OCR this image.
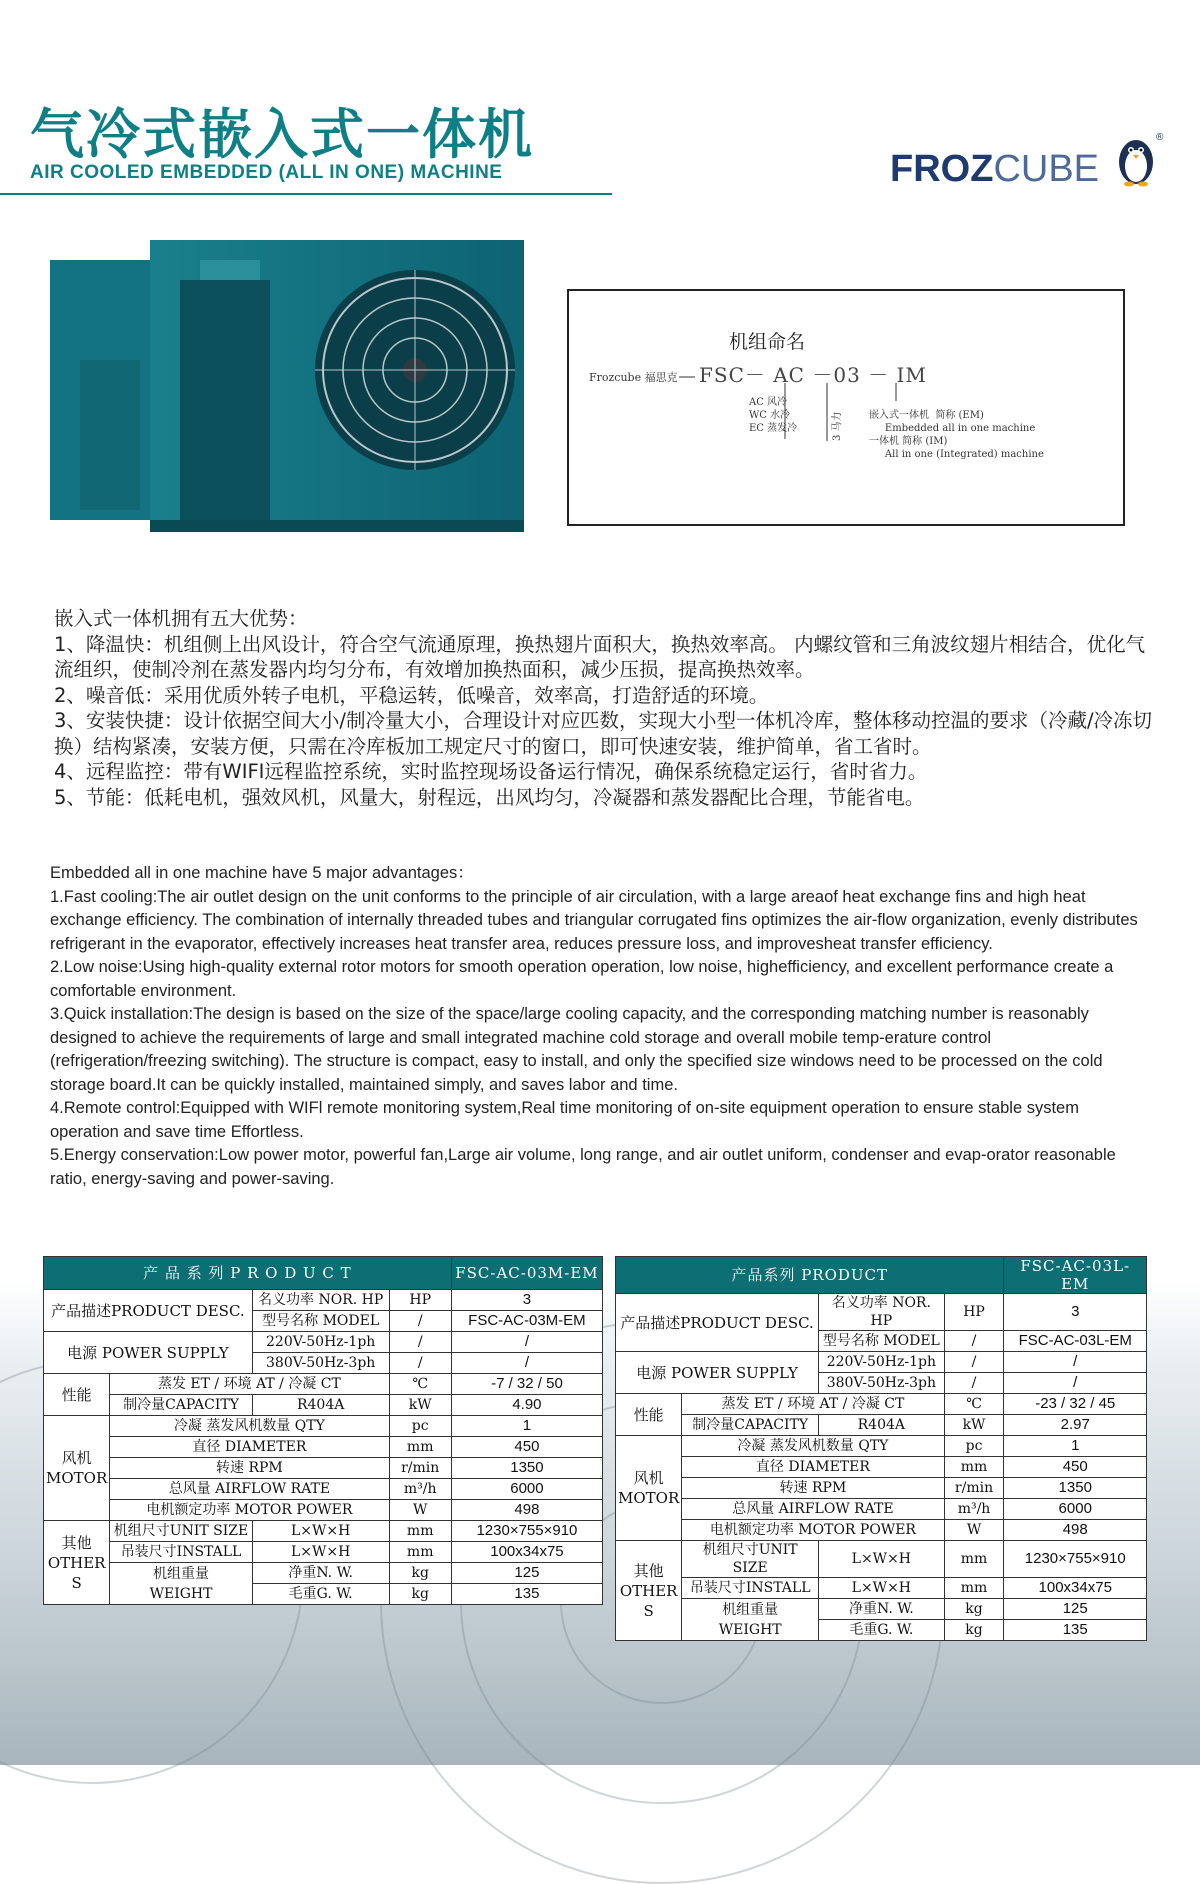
气冷式嵌入式一体机
AIR COOLED EMBEDDED (ALL IN ONE) MACHINE	FROZCUBE
®
机组命名
Frozcube 福思克 FSC－ AC －03 － IM
AC 风冷
WC 水冷
EC 蒸发冷	3 马力	嵌入式一体机  简称 (EM)
Embedded all in one machine
一体机 简称 (IM)
All in one (Integrated) machine

嵌入式一体机拥有五大优势：

1、降温快：机组侧上出风设计，符合空气流通原理，换热翅片面积大，换热效率高。 内螺纹管和三角波纹翅片相结合，优化气流组织，使制冷剂在蒸发器内均匀分布，有效增加换热面积，减少压损，提高换热效率。

2、噪音低：采用优质外转子电机，平稳运转，低噪音，效率高，打造舒适的环境。

3、安装快捷：设计依据空间大小/制冷量大小，合理设计对应匹数，实现大小型一体机冷库，整体移动控温的要求（冷藏/冷冻切换）结构紧凑，安装方便，只需在冷库板加工规定尺寸的窗口，即可快速安装，维护简单，省工省时。

4、远程监控：带有WIFI远程监控系统，实时监控现场设备运行情况，确保系统稳定运行，省时省力。

5、节能：低耗电机，强效风机，风量大，射程远，出风均匀，冷凝器和蒸发器配比合理，节能省电。

Embedded all in one machine have 5 major advantages：

1.Fast cooling:The air outlet design on the unit conforms to the principle of air circulation, with a large areaof heat exchange fins and high heat exchange efficiency. The combination of internally threaded tubes and triangular corrugated fins optimizes the air-flow organization, evenly distributes refrigerant in the evaporator, effectively increases heat transfer area, reduces pressure loss, and improvesheat transfer efficiency.

2.Low noise:Using high-quality external rotor motors for smooth operation operation, low noise, highefficiency, and excellent performance create a comfortable environment.

3.Quick installation:The design is based on the size of the space/large cooling capacity, and the corresponding matching number is reasonably designed to achieve the requirements of large and small integrated machine cold storage and overall mobile temp-erature control (refrigeration/freezing switching). The structure is compact, easy to install, and only the specified size windows need to be processed on the cold storage board.It can be quickly installed, maintained simply, and saves labor and time.

4.Remote control:Equipped with WIFl remote monitoring system,Real time monitoring of on-site equipment operation to ensure stable system operation and save time Effortless.

5.Energy conservation:Low power motor, powerful fan,Large air volume, long range, and air outlet uniform, condenser and evap-orator reasonable ratio, energy-saving and power-saving.

产 品 系 列 P R O D U C T				FSC-AC-03M-EM
产品描述PRODUCT DESC.		名义功率 NOR. HP	HP	3
		型号名称 MODEL	/	FSC-AC-03M-EM
电源 POWER SUPPLY		220V-50Hz-1ph	/	/
		380V-50Hz-3ph	/	/
性能	蒸发 ET / 环境 AT / 冷凝 CT		℃	-7 / 32 / 50
	制冷量CAPACITY	R404A	kW	4.90
风机
MOTOR	冷凝 蒸发风机数量 QTY		pc	1
	直径 DIAMETER		mm	450
	转速 RPM		r/min	1350
	总风量 AIRFLOW RATE		m³/h	6000
	电机额定功率 MOTOR POWER		W	498
其他
OTHER
S	机组尺寸UNIT SIZE	L×W×H	mm	1230×755×910
	吊装尺寸INSTALL	L×W×H	mm	100x34x75
	机组重量
WEIGHT	净重N. W.	kg	125
		毛重G. W.	kg	135
产品系列 PRODUCT				FSC-AC-03L-EM
产品描述PRODUCT DESC.		名义功率 NOR. HP	HP	3
		型号名称 MODEL	/	FSC-AC-03L-EM
电源 POWER SUPPLY		220V-50Hz-1ph	/	/
		380V-50Hz-3ph	/	/
性能	蒸发 ET / 环境 AT / 冷凝 CT		℃	-23 / 32 / 45
	制冷量CAPACITY	R404A	kW	2.97
风机
MOTOR	冷凝 蒸发风机数量 QTY		pc	1
	直径 DIAMETER		mm	450
	转速 RPM		r/min	1350
	总风量 AIRFLOW RATE		m³/h	6000
	电机额定功率 MOTOR POWER		W	498
其他
OTHER
S	机组尺寸UNIT SIZE	L×W×H	mm	1230×755×910
	吊装尺寸INSTALL	L×W×H	mm	100x34x75
	机组重量
WEIGHT	净重N. W.	kg	125
		毛重G. W.	kg	135
